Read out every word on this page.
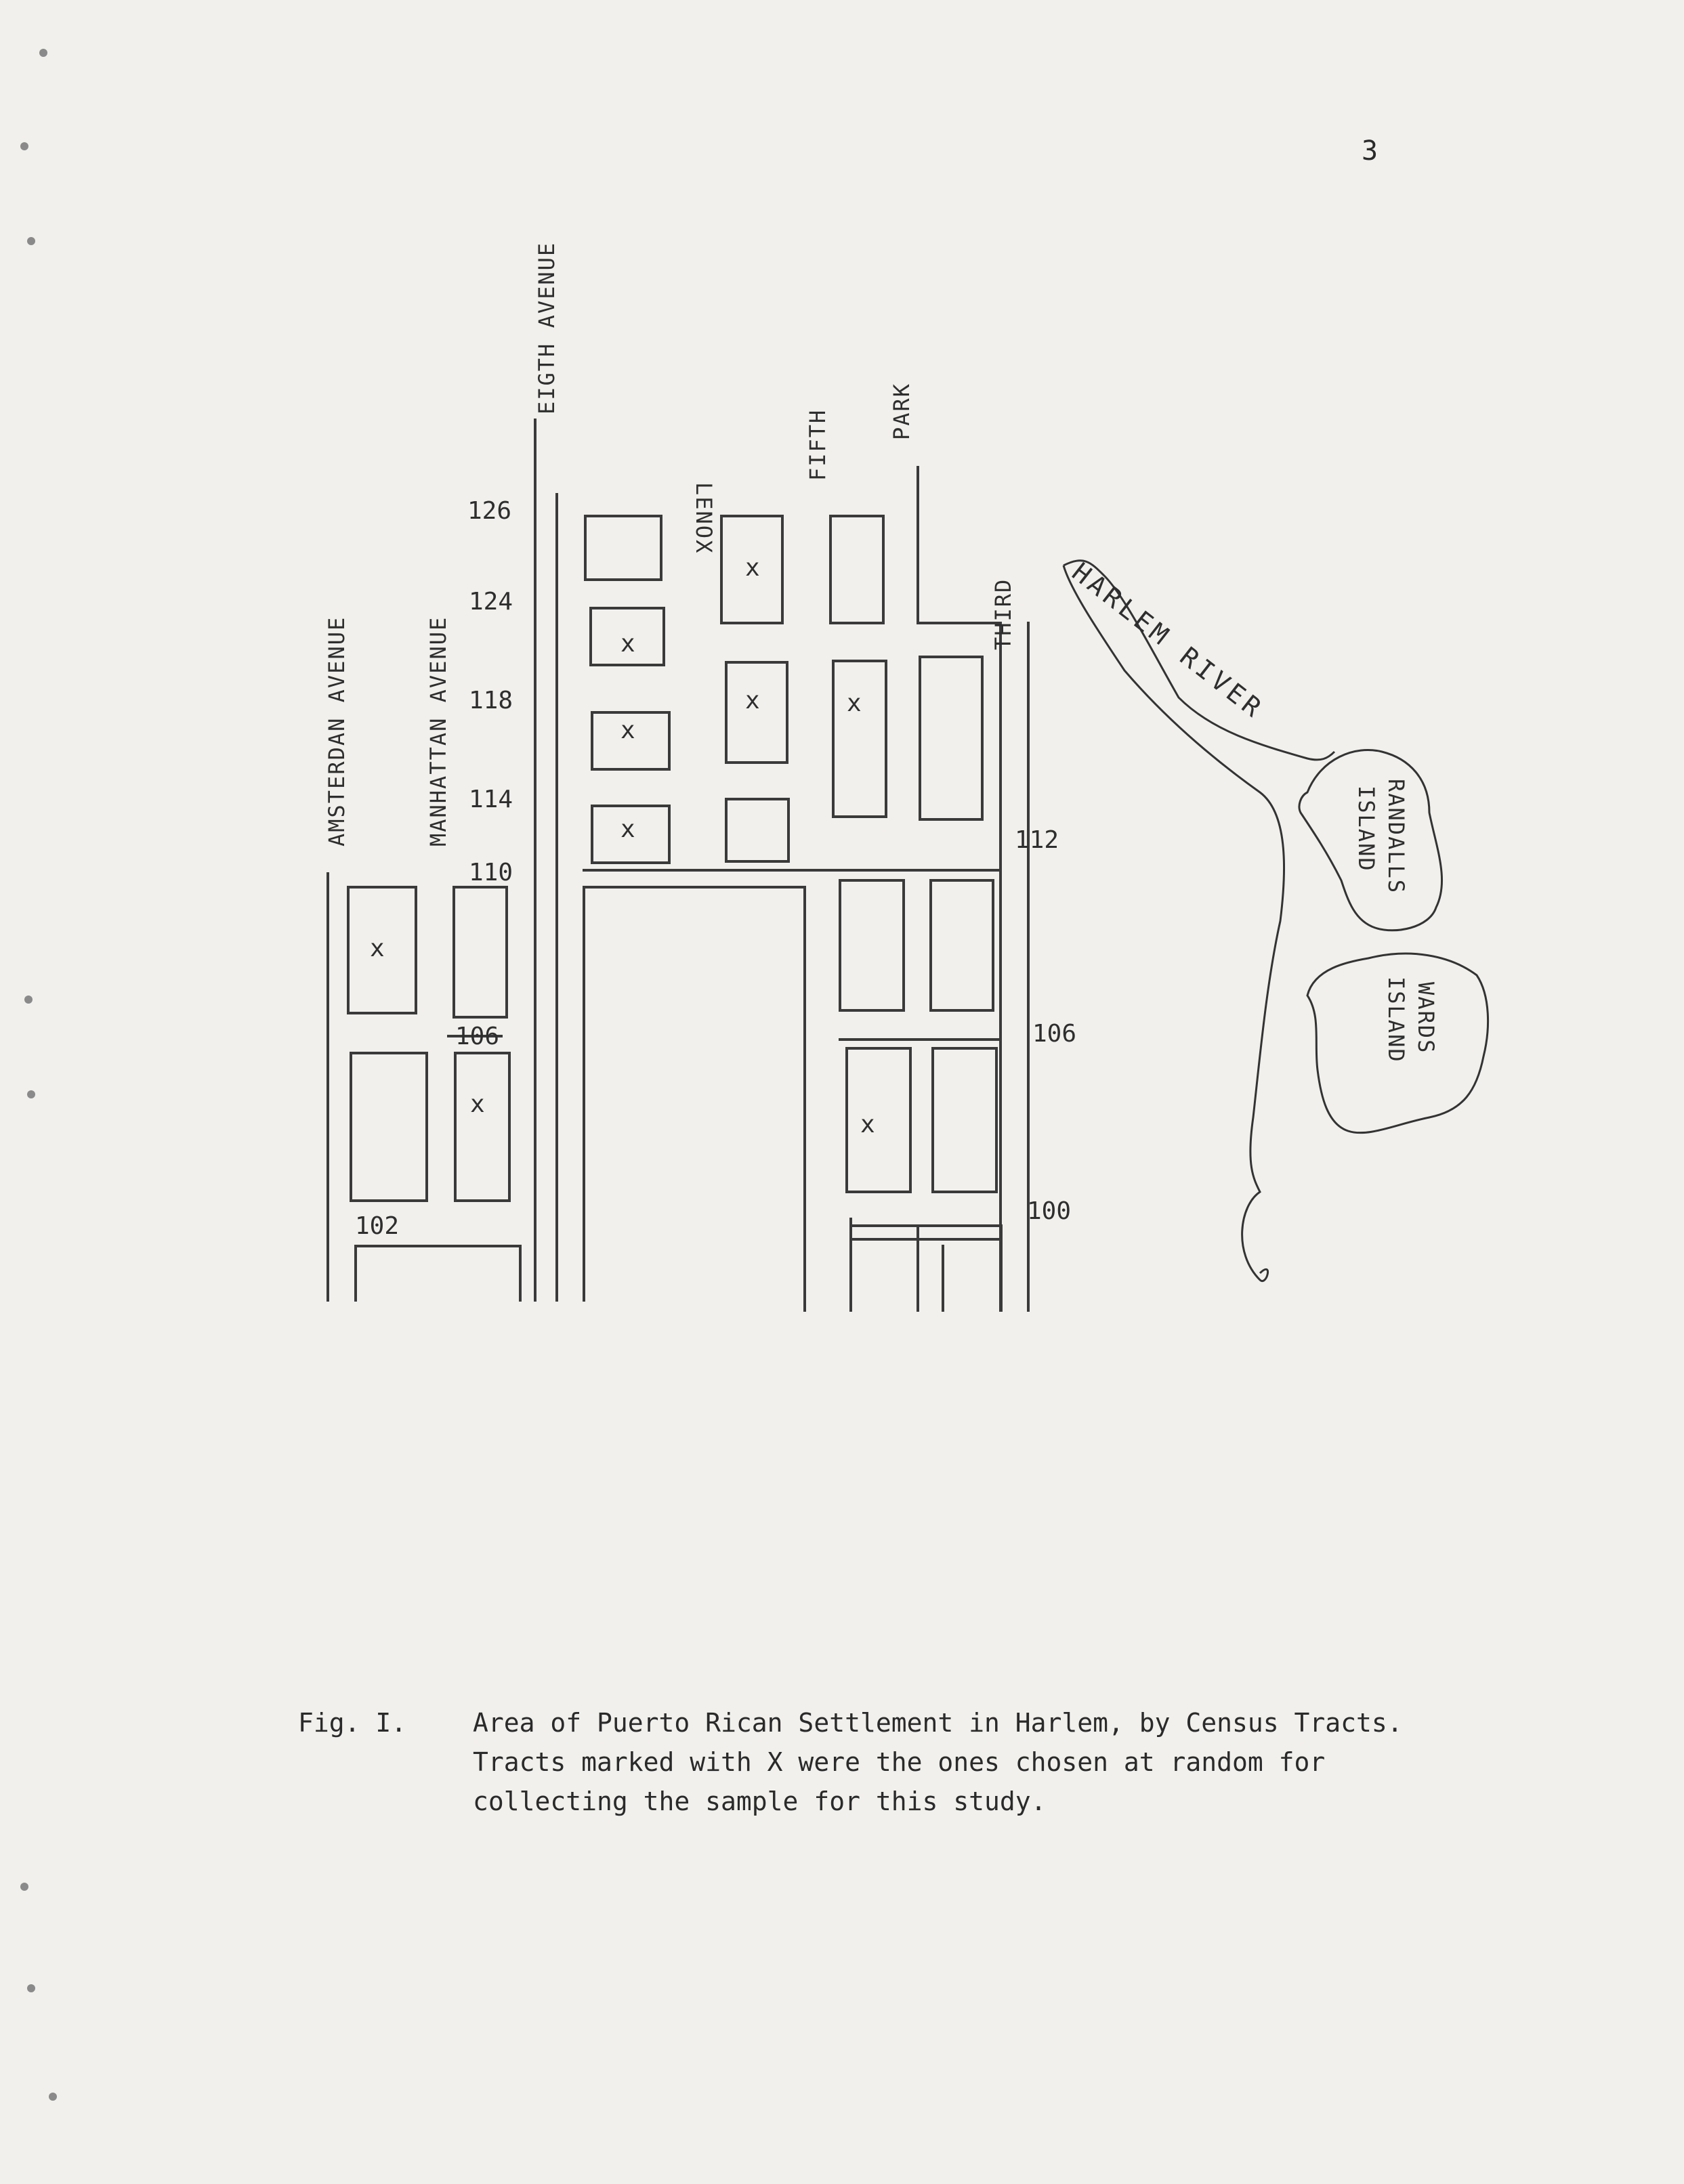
3
x
x
x
x
x	x
x
x
x
AMSTERDAN AVENUE	MANHATTAN AVENUE
EIGTH AVENUE
LENOX
FIFTH	PARK
THIRD
126
124
118
114
110
106
102
112
106
100
HARLEM RIVER
RANDALLS
ISLAND
WARDS
ISLAND
Fig. I.	Area of Puerto Rican Settlement in Harlem, by Census Tracts. Tracts marked with X were the ones chosen at random for collecting the sample for this study.
